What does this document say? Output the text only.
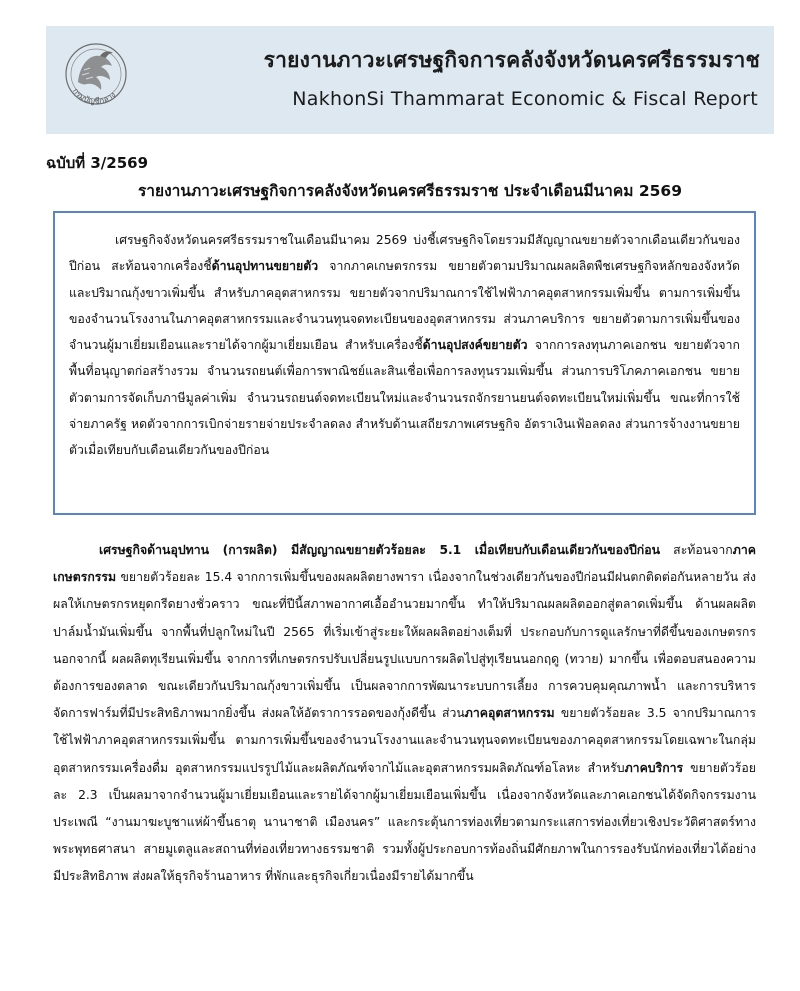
กรมบัญชีกลาง
รายงานภาวะเศรษฐกิจการคลังจังหวัดนครศรีธรรมราช
NakhonSi Thammarat Economic & Fiscal Report
ฉบับที่ 3/2569
รายงานภาวะเศรษฐกิจการคลังจังหวัดนครศรีธรรมราช ประจำเดือนมีนาคม 2569

เศรษฐกิจจังหวัดนครศรีธรรมราชในเดือนมีนาคม 2569 บ่งชี้เศรษฐกิจโดยรวมมีสัญญาณขยายตัวจากเดือนเดียวกันของปีก่อน สะท้อนจากเครื่องชี้ด้านอุปทานขยายตัว จากภาคเกษตรกรรม ขยายตัวตามปริมาณผลผลิตพืชเศรษฐกิจหลักของจังหวัดและปริมาณกุ้งขาวเพิ่มขึ้น สำหรับภาคอุตสาหกรรม ขยายตัวจากปริมาณการใช้ไฟฟ้าภาคอุตสาหกรรมเพิ่มขึ้น ตามการเพิ่มขึ้นของจำนวนโรงงานในภาคอุตสาหกรรมและจำนวนทุนจดทะเบียนของอุตสาหกรรม ส่วนภาคบริการ ขยายตัวตามการเพิ่มขึ้นของจำนวนผู้มาเยี่ยมเยือนและรายได้จากผู้มาเยี่ยมเยือน สำหรับเครื่องชี้ด้านอุปสงค์ขยายตัว จากการลงทุนภาคเอกชน ขยายตัวจากพื้นที่อนุญาตก่อสร้างรวม จำนวนรถยนต์เพื่อการพาณิชย์และสินเชื่อเพื่อการลงทุนรวมเพิ่มขึ้น ส่วนการบริโภคภาคเอกชน ขยายตัวตามการจัดเก็บภาษีมูลค่าเพิ่ม จำนวนรถยนต์จดทะเบียนใหม่และจำนวนรถจักรยานยนต์จดทะเบียนใหม่เพิ่มขึ้น ขณะที่การใช้จ่ายภาครัฐ หดตัวจากการเบิกจ่ายรายจ่ายประจำลดลง สำหรับด้านเสถียรภาพเศรษฐกิจ อัตราเงินเฟ้อลดลง ส่วนการจ้างงานขยายตัวเมื่อเทียบกับเดือนเดียวกันของปีก่อน

เศรษฐกิจด้านอุปทาน (การผลิต) มีสัญญาณขยายตัวร้อยละ 5.1 เมื่อเทียบกับเดือนเดียวกันของปีก่อน สะท้อนจากภาคเกษตรกรรม ขยายตัวร้อยละ 15.4 จากการเพิ่มขึ้นของผลผลิตยางพารา เนื่องจากในช่วงเดียวกันของปีก่อนมีฝนตกติดต่อกันหลายวัน ส่งผลให้เกษตรกรหยุดกรีดยางชั่วคราว ขณะที่ปีนี้สภาพอากาศเอื้ออำนวยมากขึ้น ทำให้ปริมาณผลผลิตออกสู่ตลาดเพิ่มขึ้น ด้านผลผลิตปาล์มน้ำมันเพิ่มขึ้น จากพื้นที่ปลูกใหม่ในปี 2565 ที่เริ่มเข้าสู่ระยะให้ผลผลิตอย่างเต็มที่ ประกอบกับการดูแลรักษาที่ดีขึ้นของเกษตรกร นอกจากนี้ ผลผลิตทุเรียนเพิ่มขึ้น จากการที่เกษตรกรปรับเปลี่ยนรูปแบบการผลิตไปสู่ทุเรียนนอกฤดู (ทวาย) มากขึ้น เพื่อตอบสนองความต้องการของตลาด ขณะเดียวกันปริมาณกุ้งขาวเพิ่มขึ้น เป็นผลจากการพัฒนาระบบการเลี้ยง การควบคุมคุณภาพน้ำ และการบริหารจัดการฟาร์มที่มีประสิทธิภาพมากยิ่งขึ้น ส่งผลให้อัตราการรอดของกุ้งดีขึ้น ส่วนภาคอุตสาหกรรม ขยายตัวร้อยละ 3.5 จากปริมาณการใช้ไฟฟ้าภาคอุตสาหกรรมเพิ่มขึ้น ตามการเพิ่มขึ้นของจำนวนโรงงานและจำนวนทุนจดทะเบียนของภาคอุตสาหกรรมโดยเฉพาะในกลุ่มอุตสาหกรรมเครื่องดื่ม อุตสาหกรรมแปรรูปไม้และผลิตภัณฑ์จากไม้และอุตสาหกรรมผลิตภัณฑ์อโลหะ สำหรับภาคบริการ ขยายตัวร้อยละ 2.3 เป็นผลมาจากจำนวนผู้มาเยี่ยมเยือนและรายได้จากผู้มาเยี่ยมเยือนเพิ่มขึ้น เนื่องจากจังหวัดและภาคเอกชนได้จัดกิจกรรมงานประเพณี “งานมาฆะบูชาแห่ผ้าขึ้นธาตุ นานาชาติ เมืองนคร” และกระตุ้นการท่องเที่ยวตามกระแสการท่องเที่ยวเชิงประวัติศาสตร์ทางพระพุทธศาสนา สายมูเตลูและสถานที่ท่องเที่ยวทางธรรมชาติ รวมทั้งผู้ประกอบการท้องถิ่นมีศักยภาพในการรองรับนักท่องเที่ยวได้อย่างมีประสิทธิภาพ ส่งผลให้ธุรกิจร้านอาหาร ที่พักและธุรกิจเกี่ยวเนื่องมีรายได้มากขึ้น
